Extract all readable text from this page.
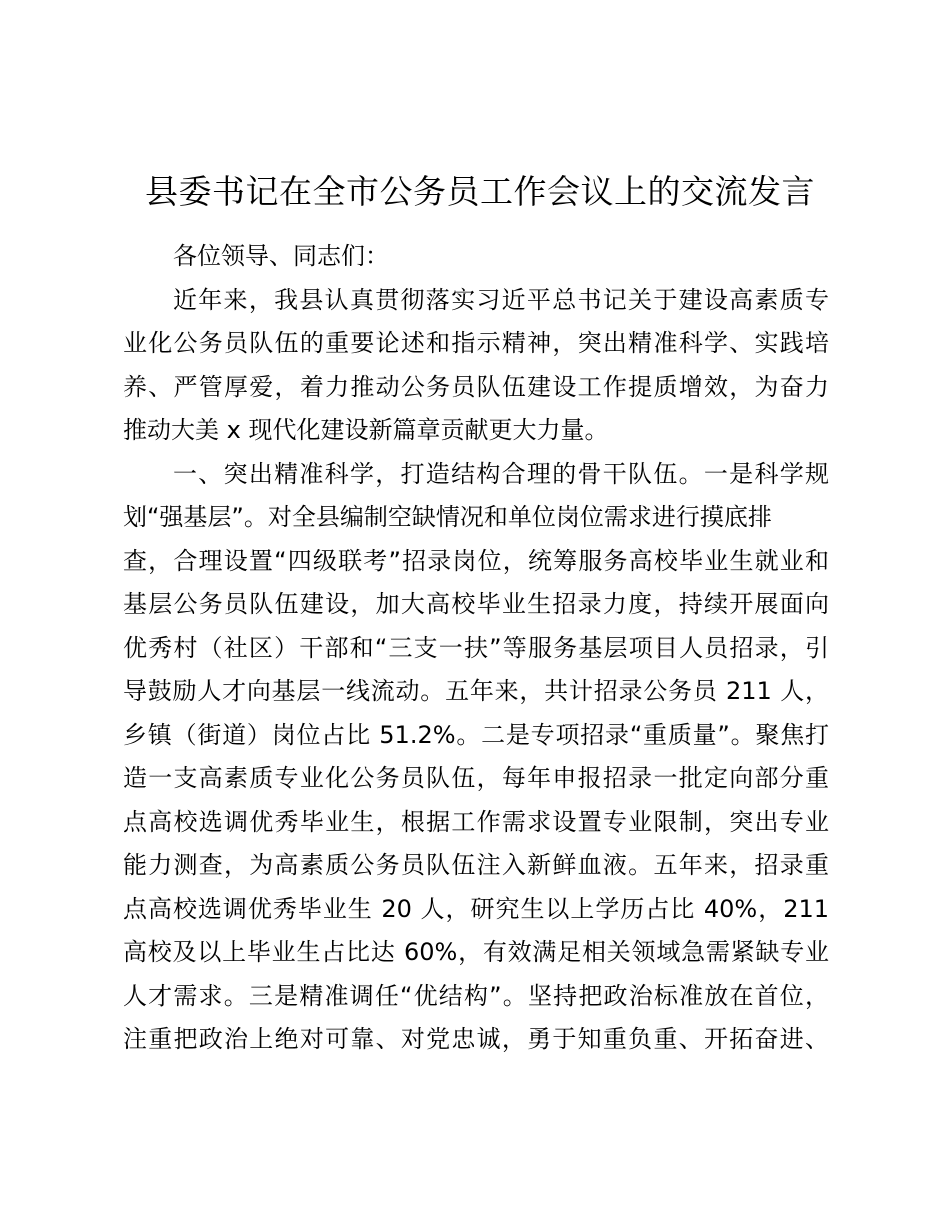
县委书记在全市公务员工作会议上的交流发言
各位领导、同志们：
近年来，我县认真贯彻落实习近平总书记关于建设高素质专
业化公务员队伍的重要论述和指示精神，突出精准科学、实践培
养、严管厚爱，着力推动公务员队伍建设工作提质增效，为奋力
推动大美 x 现代化建设新篇章贡献更大力量。
一、突出精准科学，打造结构合理的骨干队伍。一是科学规
划“强基层”。对全县编制空缺情况和单位岗位需求进行摸底排
查，合理设置“四级联考”招录岗位，统筹服务高校毕业生就业和
基层公务员队伍建设，加大高校毕业生招录力度，持续开展面向
优秀村（社区）干部和“三支一扶”等服务基层项目人员招录，引
导鼓励人才向基层一线流动。五年来，共计招录公务员 211 人，
乡镇（街道）岗位占比 51.2%。二是专项招录“重质量”。聚焦打
造一支高素质专业化公务员队伍，每年申报招录一批定向部分重
点高校选调优秀毕业生，根据工作需求设置专业限制，突出专业
能力测查，为高素质公务员队伍注入新鲜血液。五年来，招录重
点高校选调优秀毕业生 20 人，研究生以上学历占比 40%，211
高校及以上毕业生占比达 60%，有效满足相关领域急需紧缺专业
人才需求。三是精准调任“优结构”。坚持把政治标准放在首位，
注重把政治上绝对可靠、对党忠诚，勇于知重负重、开拓奋进、
